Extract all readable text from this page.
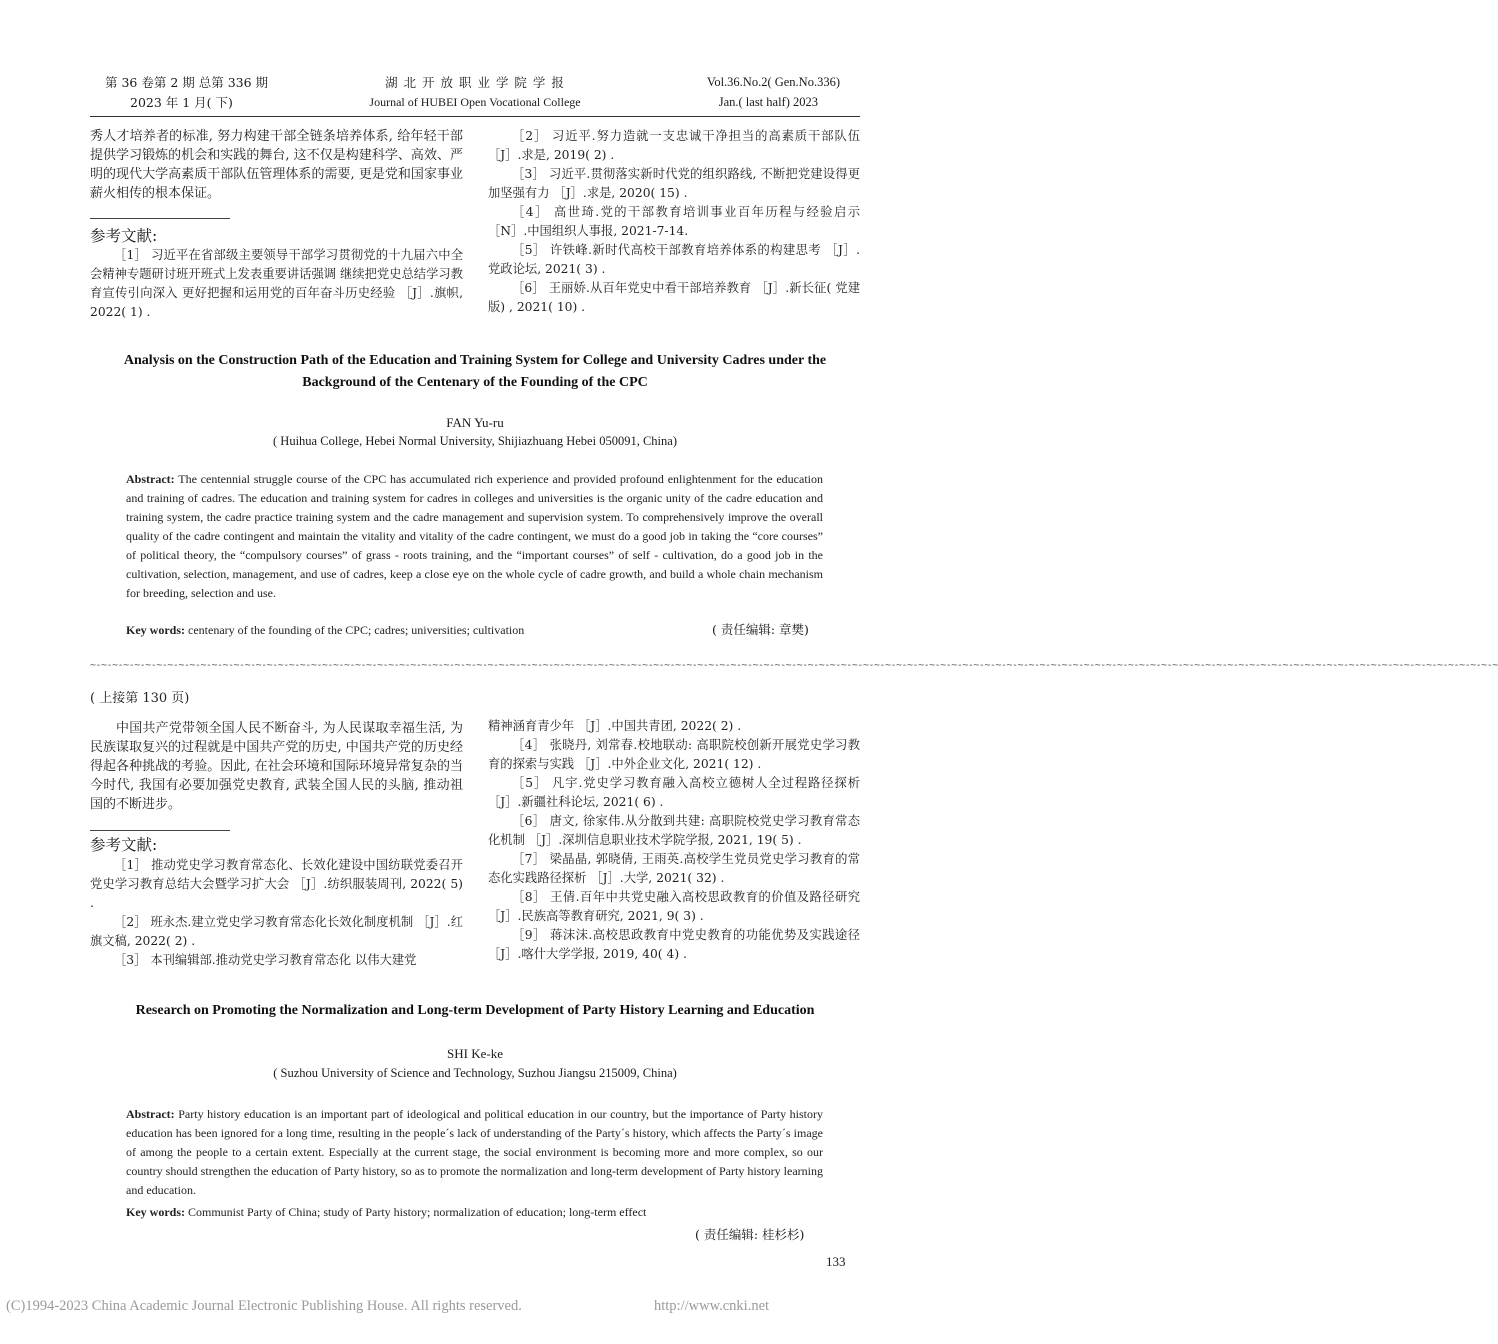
第 36 卷第 2 期 总第 336 期
2023 年 1 月( 下)
湖 北 开 放 职 业 学 院 学 报
Journal of HUBEI Open Vocational College
Vol.36.No.2( Gen.No.336)
Jan.( last half) 2023
秀人才培养者的标准, 努力构建干部全链条培养体系, 给年轻干部提供学习锻炼的机会和实践的舞台, 这不仅是构建科学、高效、严明的现代大学高素质干部队伍管理体系的需要, 更是党和国家事业薪火相传的根本保证。
参考文献:
［1］ 习近平在省部级主要领导干部学习贯彻党的十九届六中全会精神专题研讨班开班式上发表重要讲话强调 继续把党史总结学习教育宣传引向深入 更好把握和运用党的百年奋斗历史经验 ［J］.旗帜, 2022( 1) .
［2］ 习近平.努力造就一支忠诚干净担当的高素质干部队伍 ［J］.求是, 2019( 2) .
［3］ 习近平.贯彻落实新时代党的组织路线, 不断把党建设得更加坚强有力 ［J］.求是, 2020( 15) .
［4］ 高世琦.党的干部教育培训事业百年历程与经验启示［N］.中国组织人事报, 2021-7-14.
［5］ 许铁峰.新时代高校干部教育培养体系的构建思考 ［J］.党政论坛, 2021( 3) .
［6］ 王丽娇.从百年党史中看干部培养教育 ［J］.新长征( 党建版) , 2021( 10) .
Analysis on the Construction Path of the Education and Training System for College and University Cadres under the Background of the Centenary of the Founding of the CPC
FAN Yu-ru
( Huihua College, Hebei Normal University, Shijiazhuang Hebei 050091, China)
Abstract: The centennial struggle course of the CPC has accumulated rich experience and provided profound enlightenment for the education and training of cadres. The education and training system for cadres in colleges and universities is the organic unity of the cadre education and training system, the cadre practice training system and the cadre management and supervision system. To comprehensively improve the overall quality of the cadre contingent and maintain the vitality and vitality of the cadre contingent, we must do a good job in taking the “core courses” of political theory, the “compulsory courses” of grass - roots training, and the “important courses” of self - cultivation, do a good job in the cultivation, selection, management, and use of cadres, keep a close eye on the whole cycle of cadre growth, and build a whole chain mechanism for breeding, selection and use.
Key words: centenary of the founding of the CPC; cadres; universities; cultivation	( 责任编辑: 章樊)
~-~-~-~-~-~-~-~-~-~-~-~-~-~-~-~-~-~-~-~-~-~-~-~-~-~-~-~-~-~-~-~-~-~-~-~-~-~-~-~-~-~-~-~-~-~-~-~-~-~-~-~-~-~-~-~-~-~-~-~-~-~-~-~-~-~-~-~-~-~-~-~-~-~-~-~-~-~-~-~-~-~-~-~-~-~-~-~-~-~-~-~-~-~-~-~-~-~-~-~-~-~-~-~-~-~-~-~-~-~-~-~-~-~-~-~-~-~-~-~-~-~-~-~-~-~-~-~
( 上接第 130 页)
中国共产党带领全国人民不断奋斗, 为人民谋取幸福生活, 为民族谋取复兴的过程就是中国共产党的历史, 中国共产党的历史经得起各种挑战的考验。因此, 在社会环境和国际环境异常复杂的当今时代, 我国有必要加强党史教育, 武装全国人民的头脑, 推动祖国的不断进步。
参考文献:
［1］ 推动党史学习教育常态化、长效化建设中国纺联党委召开党史学习教育总结大会暨学习扩大会 ［J］.纺织服装周刊, 2022( 5) .
［2］ 班永杰.建立党史学习教育常态化长效化制度机制 ［J］.红旗文稿, 2022( 2) .
［3］ 本刊编辑部.推动党史学习教育常态化 以伟大建党
精神涵育青少年 ［J］.中国共青团, 2022( 2) .
［4］ 张晓丹, 刘常春.校地联动: 高职院校创新开展党史学习教育的探索与实践 ［J］.中外企业文化, 2021( 12) .
［5］ 凡宇.党史学习教育融入高校立德树人全过程路径探析 ［J］.新疆社科论坛, 2021( 6) .
［6］ 唐文, 徐家伟.从分散到共建: 高职院校党史学习教育常态化机制 ［J］.深圳信息职业技术学院学报, 2021, 19( 5) .
［7］ 梁晶晶, 郭晓倩, 王雨英.高校学生党员党史学习教育的常态化实践路径探析 ［J］.大学, 2021( 32) .
［8］ 王倩.百年中共党史融入高校思政教育的价值及路径研究 ［J］.民族高等教育研究, 2021, 9( 3) .
［9］ 蒋沫沫.高校思政教育中党史教育的功能优势及实践途径 ［J］.喀什大学学报, 2019, 40( 4) .
Research on Promoting the Normalization and Long-term Development of Party History Learning and Education
SHI Ke-ke
( Suzhou University of Science and Technology, Suzhou Jiangsu 215009, China)
Abstract: Party history education is an important part of ideological and political education in our country, but the importance of Party history education has been ignored for a long time, resulting in the people´s lack of understanding of the Party´s history, which affects the Party´s image of among the people to a certain extent. Especially at the current stage, the social environment is becoming more and more complex, so our country should strengthen the education of Party history, so as to promote the normalization and long-term development of Party history learning and education.
Key words: Communist Party of China; study of Party history; normalization of education; long-term effect
( 责任编辑: 桂杉杉)
133
(C)1994-2023 China Academic Journal Electronic Publishing House. All rights reserved.	http://www.cnki.net
